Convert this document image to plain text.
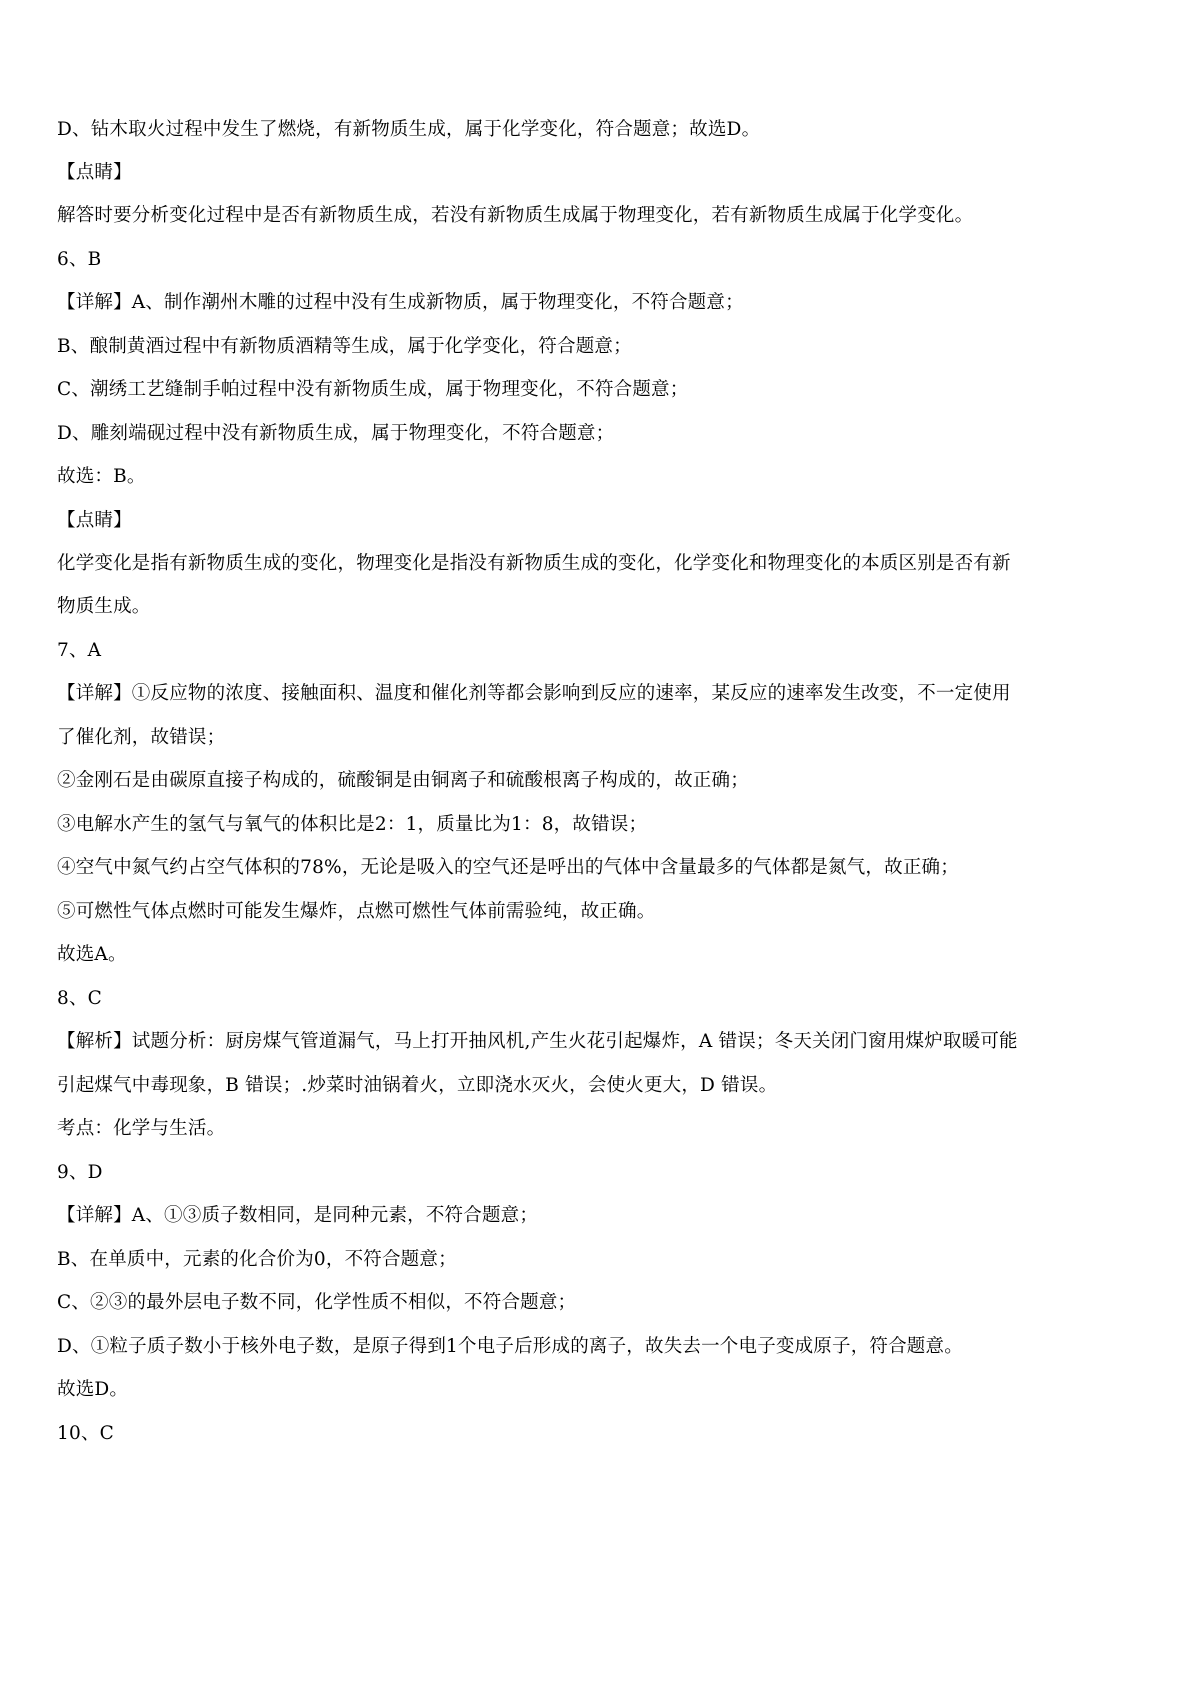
D、钻木取火过程中发生了燃烧，有新物质生成，属于化学变化，符合题意；故选D。
【点睛】
解答时要分析变化过程中是否有新物质生成，若没有新物质生成属于物理变化，若有新物质生成属于化学变化。
6、B
【详解】A、制作潮州木雕的过程中没有生成新物质，属于物理变化，不符合题意；
B、酿制黄酒过程中有新物质酒精等生成，属于化学变化，符合题意；
C、潮绣工艺缝制手帕过程中没有新物质生成，属于物理变化，不符合题意；
D、雕刻端砚过程中没有新物质生成，属于物理变化，不符合题意；
故选：B。
【点睛】
化学变化是指有新物质生成的变化，物理变化是指没有新物质生成的变化，化学变化和物理变化的本质区别是否有新
物质生成。
7、A
【详解】①反应物的浓度、接触面积、温度和催化剂等都会影响到反应的速率，某反应的速率发生改变，不一定使用
了催化剂，故错误；
②金刚石是由碳原直接子构成的，硫酸铜是由铜离子和硫酸根离子构成的，故正确；
③电解水产生的氢气与氧气的体积比是2：1，质量比为1：8，故错误；
④空气中氮气约占空气体积的78%，无论是吸入的空气还是呼出的气体中含量最多的气体都是氮气，故正确；
⑤可燃性气体点燃时可能发生爆炸，点燃可燃性气体前需验纯，故正确。
故选A。
8、C
【解析】试题分析：厨房煤气管道漏气，马上打开抽风机,产生火花引起爆炸，A 错误；冬天关闭门窗用煤炉取暖可能
引起煤气中毒现象，B 错误；.炒菜时油锅着火，立即浇水灭火，会使火更大，D 错误。
考点：化学与生活。
9、D
【详解】A、①③质子数相同，是同种元素，不符合题意；
B、在单质中，元素的化合价为0，不符合题意；
C、②③的最外层电子数不同，化学性质不相似，不符合题意；
D、①粒子质子数小于核外电子数，是原子得到1个电子后形成的离子，故失去一个电子变成原子，符合题意。
故选D。
10、C
